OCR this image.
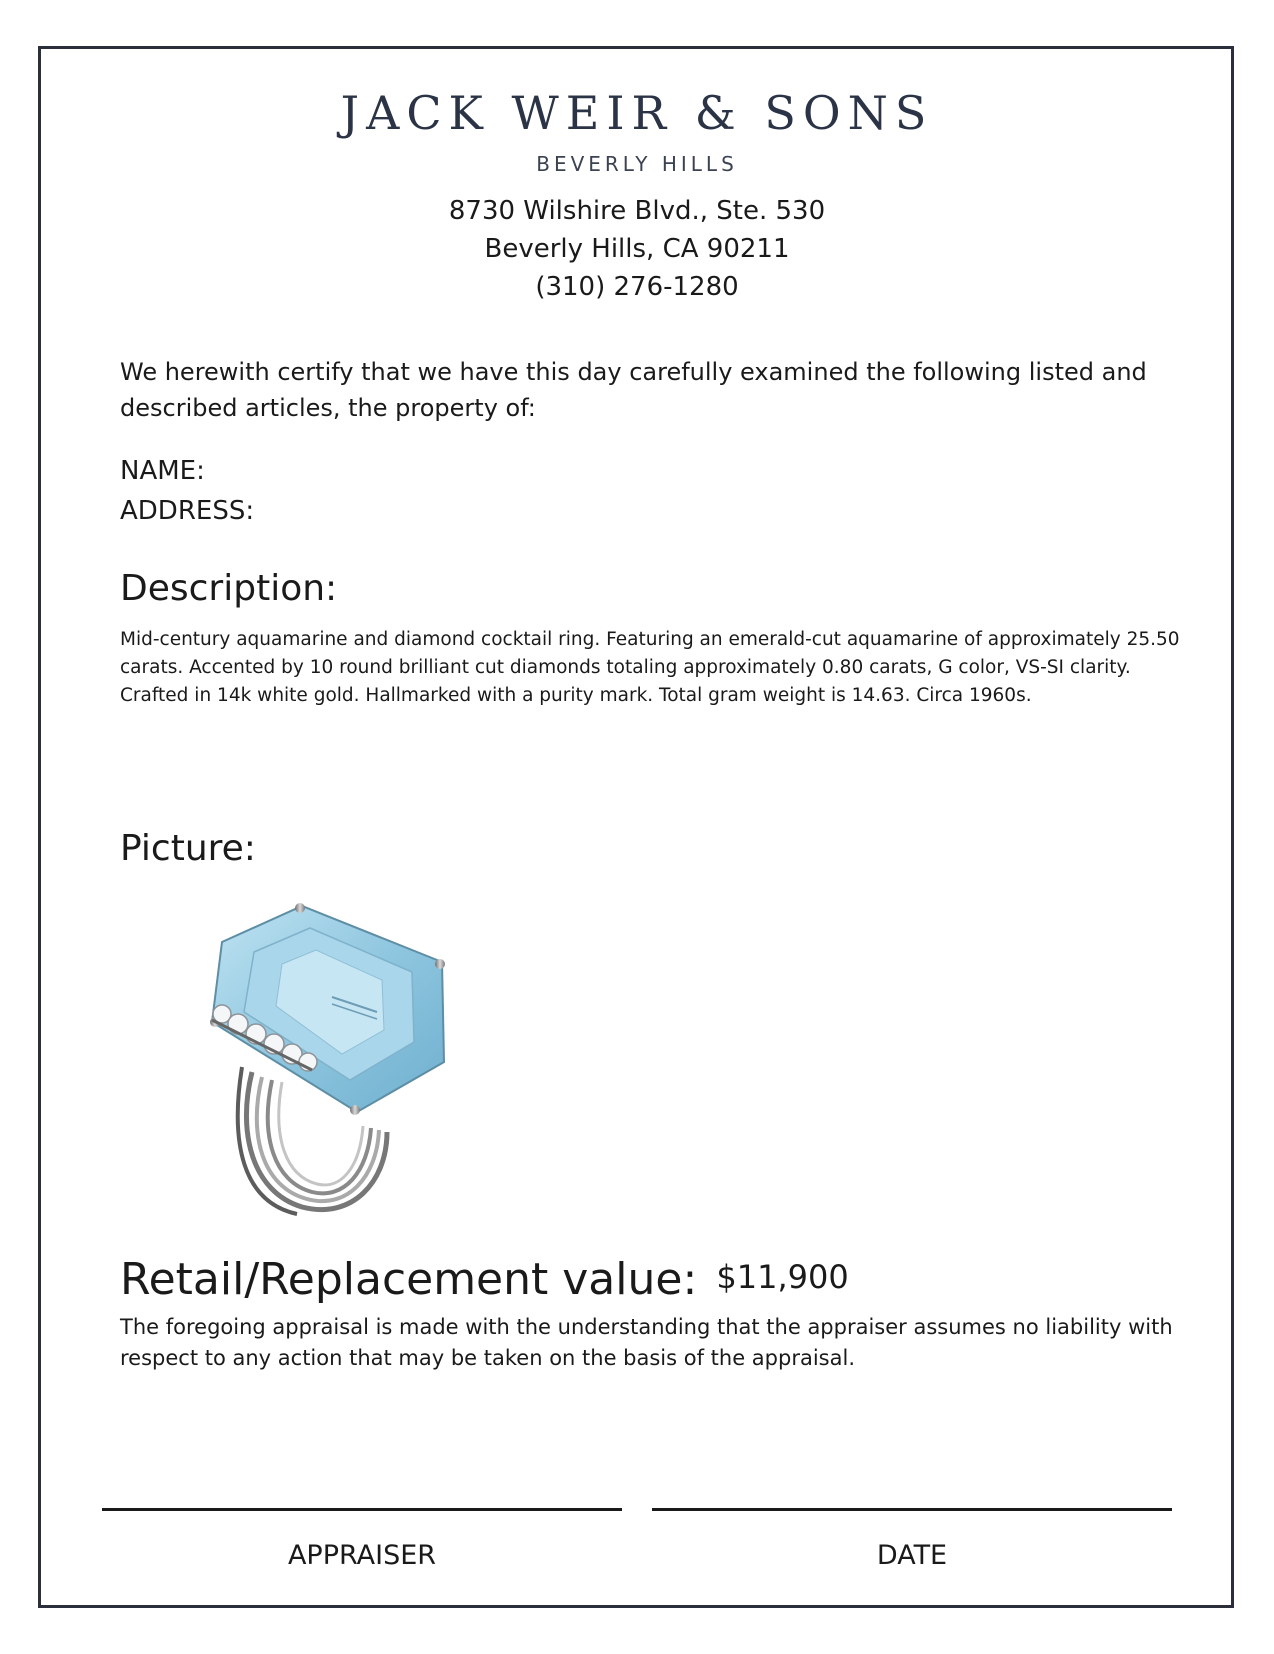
JACK WEIR & SONS
BEVERLY HILLS
8730 Wilshire Blvd., Ste. 530
Beverly Hills, CA 90211
(310) 276-1280
We herewith certify that we have this day carefully examined the following listed and described articles, the property of:
NAME:
ADDRESS:
Description:
Mid-century aquamarine and diamond cocktail ring. Featuring an emerald-cut aquamarine of approximately 25.50 carats. Accented by 10 round brilliant cut diamonds totaling approximately 0.80 carats, G color, VS-SI clarity. Crafted in 14k white gold. Hallmarked with a purity mark. Total gram weight is 14.63. Circa 1960s.
Picture:
Retail/Replacement value: $11,900
The foregoing appraisal is made with the understanding that the appraiser assumes no liability with respect to any action that may be taken on the basis of the appraisal.
APPRAISER	DATE
